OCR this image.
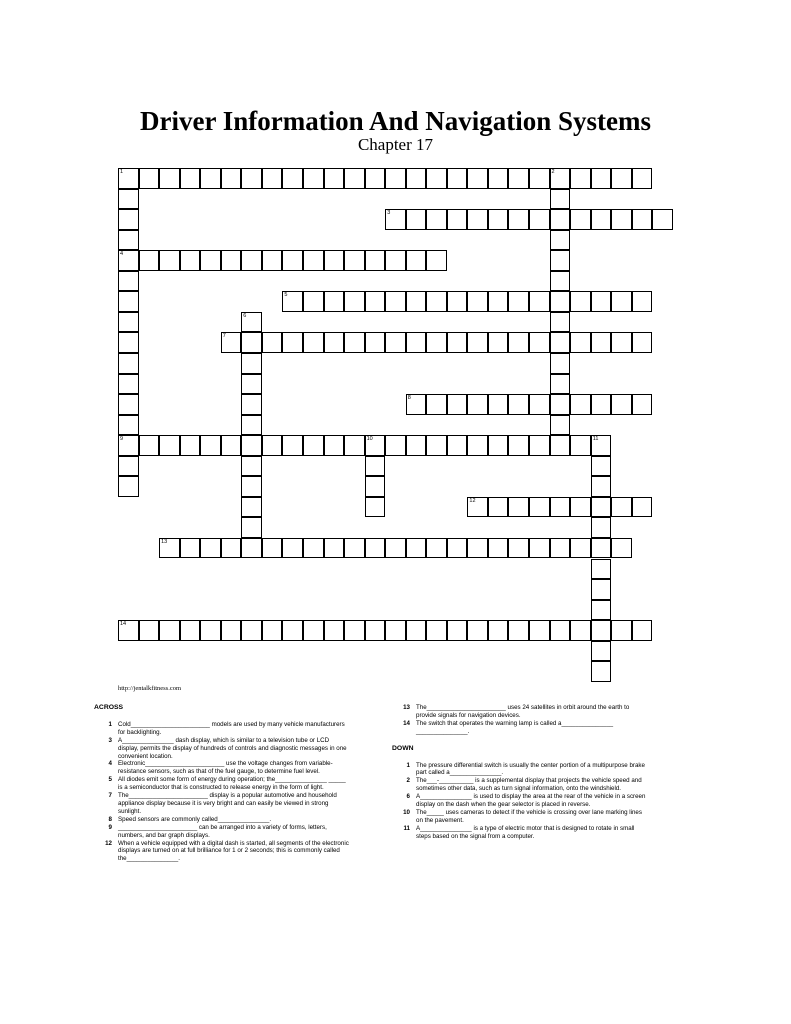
Driver Information And Navigation Systems
Chapter 17
1	2
4
9
3
5
6
7
8
10	11
12
13
14
http://jentalkfitness.com
ACROSS
1 Cold_______________________ models are used by many vehicle manufacturers for backlighting.
3 A_______________ dash display, which is similar to a television tube or LCD display, permits the display of hundreds of controls and diagnostic messages in one convenient location.
4 Electronic_______________________ use the voltage changes from variable-resistance sensors, such as that of the fuel gauge, to determine fuel level.
5 All diodes emit some form of energy during operation; the_______________ _____ is a semiconductor that is constructed to release energy in the form of light.
7 The_______________________ display is a popular automotive and household appliance display because it is very bright and can easily be viewed in strong sunlight.
8 Speed sensors are commonly called_______________.
9 _______________________ can be arranged into a variety of forms, letters, numbers, and bar graph displays.
12 When a vehicle equipped with a digital dash is started, all segments of the electronic displays are turned on at full brilliance for 1 or 2 seconds; this is commonly called the_______________.
13 The_______________________ uses 24 satellites in orbit around the earth to provide signals for navigation devices.
14 The switch that operates the warning lamp is called a_______________ _______________.
DOWN
1 The pressure differential switch is usually the center portion of a multipurpose brake part called a_______________.
2 The___-__________ is a supplemental display that projects the vehicle speed and sometimes other data, such as turn signal information, onto the windshield.
6 A_______________ is used to display the area at the rear of the vehicle in a screen display on the dash when the gear selector is placed in reverse.
10 The_____ uses cameras to detect if the vehicle is crossing over lane marking lines on the pavement.
11 A_______________ is a type of electric motor that is designed to rotate in small steps based on the signal from a computer.
